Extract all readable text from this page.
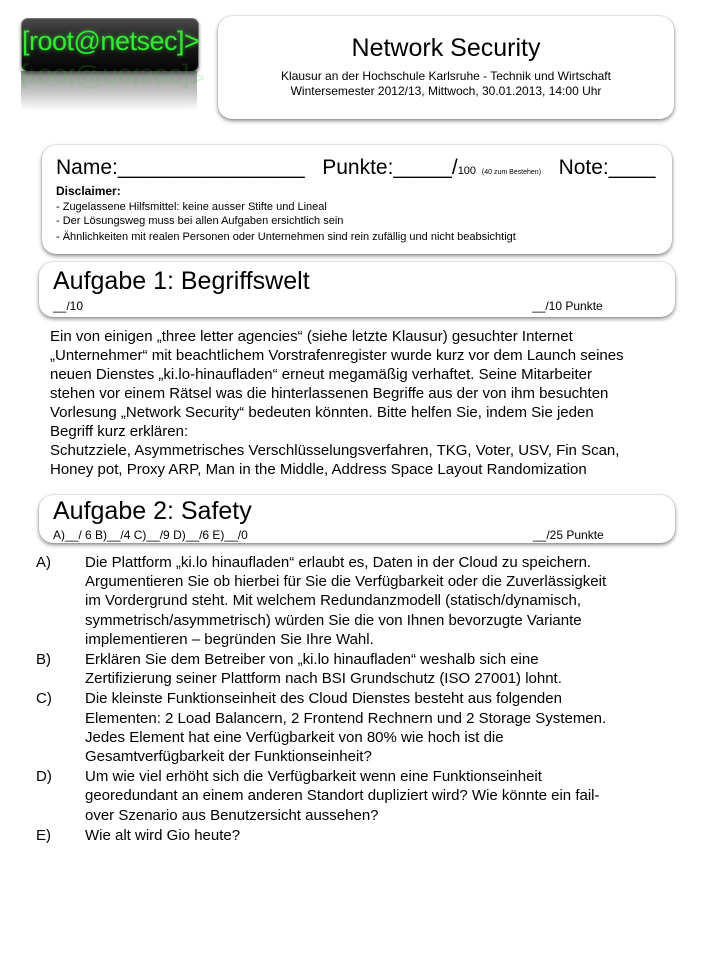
[root@netsec]>
[root@netsec]>
Network Security
Klausur an der Hochschule Karlsruhe - Technik und Wirtschaft
Wintersemester 2012/13, Mittwoch, 30.01.2013, 14:00 Uhr
Name:________________ Punkte:_____/100 (40 zum Bestehen) Note:____
Disclaimer:
- Zugelassene Hilfsmittel: keine ausser Stifte und Lineal
- Der Lösungsweg muss bei allen Aufgaben ersichtlich sein
- Ähnlichkeiten mit realen Personen oder Unternehmen sind rein zufällig und nicht beabsichtigt
Aufgabe 1: Begriffswelt
__/10	__/10 Punkte
Ein von einigen „three letter agencies“ (siehe letzte Klausur) gesuchter Internet
„Unternehmer“ mit beachtlichem Vorstrafenregister wurde kurz vor dem Launch seines
neuen Dienstes „ki.lo-hinaufladen“ erneut megamäßig verhaftet. Seine Mitarbeiter
stehen vor einem Rätsel was die hinterlassenen Begriffe aus der von ihm besuchten
Vorlesung „Network Security“ bedeuten könnten. Bitte helfen Sie, indem Sie jeden
Begriff kurz erklären:
Schutzziele, Asymmetrisches Verschlüsselungsverfahren, TKG, Voter, USV, Fin Scan,
Honey pot, Proxy ARP, Man in the Middle, Address Space Layout Randomization
Aufgabe 2: Safety
A)__/ 6 B)__/4 C)__/9 D)__/6 E)__/0	__/25 Punkte
A)	Die Plattform „ki.lo hinaufladen“ erlaubt es, Daten in der Cloud zu speichern.
Argumentieren Sie ob hierbei für Sie die Verfügbarkeit oder die Zuverlässigkeit
im Vordergrund steht. Mit welchem Redundanzmodell (statisch/dynamisch,
symmetrisch/asymmetrisch) würden Sie die von Ihnen bevorzugte Variante
implementieren – begründen Sie Ihre Wahl.
B)	Erklären Sie dem Betreiber von „ki.lo hinaufladen“ weshalb sich eine
Zertifizierung seiner Plattform nach BSI Grundschutz (ISO 27001) lohnt.
C)	Die kleinste Funktionseinheit des Cloud Dienstes besteht aus folgenden
Elementen: 2 Load Balancern, 2 Frontend Rechnern und 2 Storage Systemen.
Jedes Element hat eine Verfügbarkeit von 80% wie hoch ist die
Gesamtverfügbarkeit der Funktionseinheit?
D)	Um wie viel erhöht sich die Verfügbarkeit wenn eine Funktionseinheit
georedundant an einem anderen Standort dupliziert wird? Wie könnte ein fail-
over Szenario aus Benutzersicht aussehen?
E)	Wie alt wird Gio heute?
